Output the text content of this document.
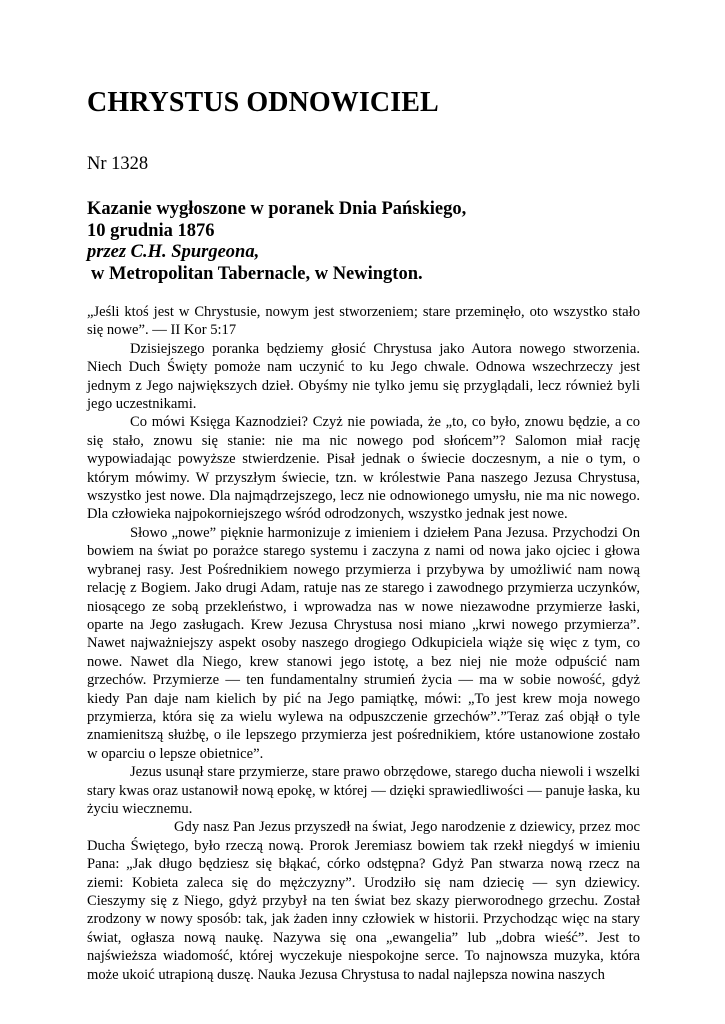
CHRYSTUS ODNOWICIEL
Nr 1328
Kazanie wygłoszone w poranek Dnia Pańskiego,
10 grudnia 1876
przez C.H. Spurgeona,
w Metropolitan Tabernacle, w Newington.

„Jeśli ktoś jest w Chrystusie, nowym jest stworzeniem; stare przeminęło, oto wszystko stało się nowe”. — II Kor 5:17

Dzisiejszego poranka będziemy głosić Chrystusa jako Autora nowego stworzenia. Niech Duch Święty pomoże nam uczynić to ku Jego chwale. Odnowa wszechrzeczy jest jednym z Jego największych dzieł. Obyśmy nie tylko jemu się przyglądali, lecz również byli jego uczestnikami.

Co mówi Księga Kaznodziei? Czyż nie powiada, że „to, co było, znowu będzie, a co się stało, znowu się stanie: nie ma nic nowego pod słońcem”? Salomon miał rację wypowiadając powyższe stwierdzenie. Pisał jednak o świecie doczesnym, a nie o tym, o którym mówimy. W przyszłym świecie, tzn. w królestwie Pana naszego Jezusa Chrystusa, wszystko jest nowe. Dla najmądrzejszego, lecz nie odnowionego umysłu, nie ma nic nowego. Dla człowieka najpokorniejszego wśród odrodzonych, wszystko jednak jest nowe.

Słowo „nowe” pięknie harmonizuje z imieniem i dziełem Pana Jezusa. Przychodzi On bowiem na świat po porażce starego systemu i zaczyna z nami od nowa jako ojciec i głowa wybranej rasy. Jest Pośrednikiem nowego przymierza i przybywa by umożliwić nam nową relację z Bogiem. Jako drugi Adam, ratuje nas ze starego i zawodnego przymierza uczynków, niosącego ze sobą przekleństwo, i wprowadza nas w nowe niezawodne przymierze łaski, oparte na Jego zasługach. Krew Jezusa Chrystusa nosi miano „krwi nowego przymierza”. Nawet najważniejszy aspekt osoby naszego drogiego Odkupiciela wiąże się więc z tym, co nowe. Nawet dla Niego, krew stanowi jego istotę, a bez niej nie może odpuścić nam grzechów. Przymierze — ten fundamentalny strumień życia — ma w sobie nowość, gdyż kiedy Pan daje nam kielich by pić na Jego pamiątkę, mówi: „To jest krew moja nowego przymierza, która się za wielu wylewa na odpuszczenie grzechów”.”Teraz zaś objął o tyle znamienitszą służbę, o ile lepszego przymierza jest pośrednikiem, które ustanowione zostało w oparciu o lepsze obietnice”.

Jezus usunął stare przymierze, stare prawo obrzędowe, starego ducha niewoli i wszelki stary kwas oraz ustanowił nową epokę, w której — dzięki sprawiedliwości — panuje łaska, ku życiu wiecznemu.

Gdy nasz Pan Jezus przyszedł na świat, Jego narodzenie z dziewicy, przez moc Ducha Świętego, było rzeczą nową. Prorok Jeremiasz bowiem tak rzekł niegdyś w imieniu Pana: „Jak długo będziesz się błąkać, córko odstępna? Gdyż Pan stwarza nową rzecz na ziemi: Kobieta zaleca się do mężczyzny”. Urodziło się nam dziecię — syn dziewicy. Cieszymy się z Niego, gdyż przybył na ten świat bez skazy pierworodnego grzechu. Został zrodzony w nowy sposób: tak, jak żaden inny człowiek w historii. Przychodząc więc na stary świat, ogłasza nową naukę. Nazywa się ona „ewangelia” lub „dobra wieść”. Jest to najświeższa wiadomość, której wyczekuje niespokojne serce. To najnowsza muzyka, która może ukoić utrapioną duszę. Nauka Jezusa Chrystusa to nadal najlepsza nowina naszych
